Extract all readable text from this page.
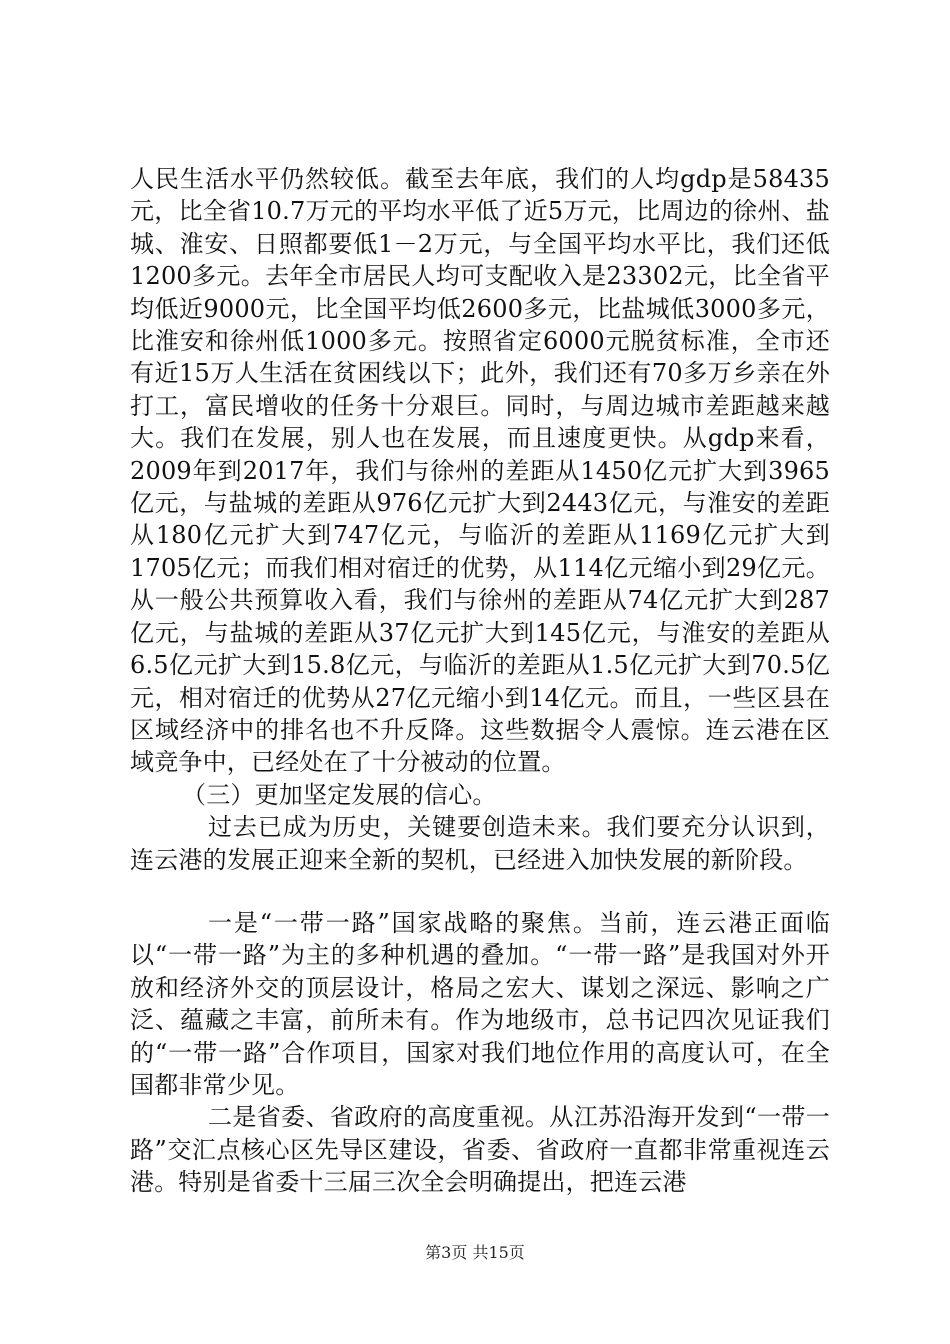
人民生活水平仍然较低。截至去年底，我们的人均gdp是58435元，比全省10.7万元的平均水平低了近5万元，比周边的徐州、盐城、淮安、日照都要低1－2万元，与全国平均水平比，我们还低1200多元。去年全市居民人均可支配收入是23302元，比全省平均低近9000元，比全国平均低2600多元，比盐城低3000多元，比淮安和徐州低1000多元。按照省定6000元脱贫标准，全市还有近15万人生活在贫困线以下；此外，我们还有70多万乡亲在外打工，富民增收的任务十分艰巨。同时，与周边城市差距越来越大。我们在发展，别人也在发展，而且速度更快。从gdp来看，2009年到2017年，我们与徐州的差距从1450亿元扩大到3965亿元，与盐城的差距从976亿元扩大到2443亿元，与淮安的差距从180亿元扩大到747亿元，与临沂的差距从1169亿元扩大到1705亿元；而我们相对宿迁的优势，从114亿元缩小到29亿元。从一般公共预算收入看，我们与徐州的差距从74亿元扩大到287亿元，与盐城的差距从37亿元扩大到145亿元，与淮安的差距从6.5亿元扩大到15.8亿元，与临沂的差距从1.5亿元扩大到70.5亿元，相对宿迁的优势从27亿元缩小到14亿元。而且，一些区县在区域经济中的排名也不升反降。这些数据令人震惊。连云港在区域竞争中，已经处在了十分被动的位置。

（三）更加坚定发展的信心。

过去已成为历史，关键要创造未来。我们要充分认识到，连云港的发展正迎来全新的契机，已经进入加快发展的新阶段。

一是“一带一路”国家战略的聚焦。当前，连云港正面临以“一带一路”为主的多种机遇的叠加。“一带一路”是我国对外开放和经济外交的顶层设计，格局之宏大、谋划之深远、影响之广泛、蕴藏之丰富，前所未有。作为地级市，总书记四次见证我们的“一带一路”合作项目，国家对我们地位作用的高度认可，在全国都非常少见。

二是省委、省政府的高度重视。从江苏沿海开发到“一带一路”交汇点核心区先导区建设，省委、省政府一直都非常重视连云港。特别是省委十三届三次全会明确提出，把连云港

第3页 共15页
